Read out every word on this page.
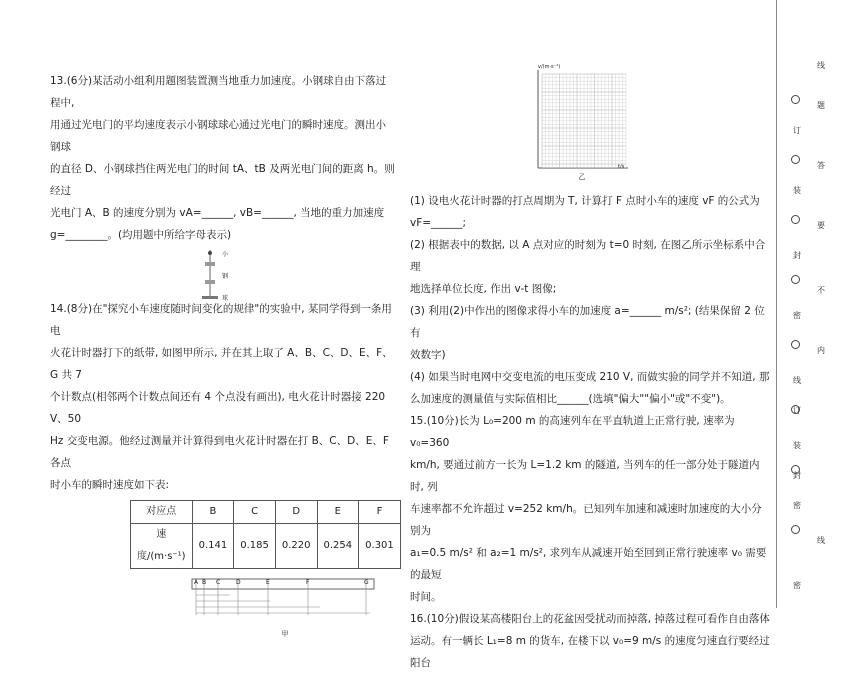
13.(6分)某活动小组利用题图装置测当地重力加速度。小钢球自由下落过程中,

用通过光电门的平均速度表示小钢球球心通过光电门的瞬时速度。测出小钢球

的直径 D、小钢球挡住两光电门的时间 tA、tB 及两光电门间的距离 h。则经过

光电门 A、B 的速度分别为 vA=______, vB=______, 当地的重力加速度

g=________。(均用题中所给字母表示)

小钢球

14.(8分)在"探究小车速度随时间变化的规律"的实验中, 某同学得到一条用电

火花计时器打下的纸带, 如图甲所示, 并在其上取了 A、B、C、D、E、F、G 共 7

个计数点(相邻两个计数点间还有 4 个点没有画出), 电火花计时器接 220 V、50

Hz 交变电源。他经过测量并计算得到电火花计时器在打 B、C、D、E、F 各点

时小车的瞬时速度如下表:

对应点	B	C	D	E	F
速度/(m·s⁻¹)	0.141	0.185	0.220	0.254	0.301
A B C	D	E	F	G
甲
v/(m·s⁻¹)
t/s
乙

(1) 设电火花计时器的打点周期为 T, 计算打 F 点时小车的速度 vF 的公式为

vF=______;

(2) 根据表中的数据, 以 A 点对应的时刻为 t=0 时刻, 在图乙所示坐标系中合理

地选择单位长度, 作出 v-t 图像;

(3) 利用(2)中作出的图像求得小车的加速度 a=______ m/s²; (结果保留 2 位有

效数字)

(4) 如果当时电网中交变电流的电压变成 210 V, 而做实验的同学并不知道, 那

么加速度的测量值与实际值相比______(选填"偏大""偏小"或"不变")。

15.(10分)长为 L₀=200 m 的高速列车在平直轨道上正常行驶, 速率为 v₀=360

km/h, 要通过前方一长为 L=1.2 km 的隧道, 当列车的任一部分处于隧道内时, 列

车速率都不允许超过 v=252 km/h。已知列车加速和减速时加速度的大小分别为

a₁=0.5 m/s² 和 a₂=1 m/s², 求列车从减速开始至回到正常行驶速率 v₀ 需要的最短

时间。

16.(10分)假设某高楼阳台上的花盆因受扰动而掉落, 掉落过程可看作自由落体

运动。有一辆长 L₁=8 m 的货车, 在楼下以 v₀=9 m/s 的速度匀速直行要经过阳台

线
题
订
答
装
要
封
不
密
内
线
订
装
封
密
线
密
